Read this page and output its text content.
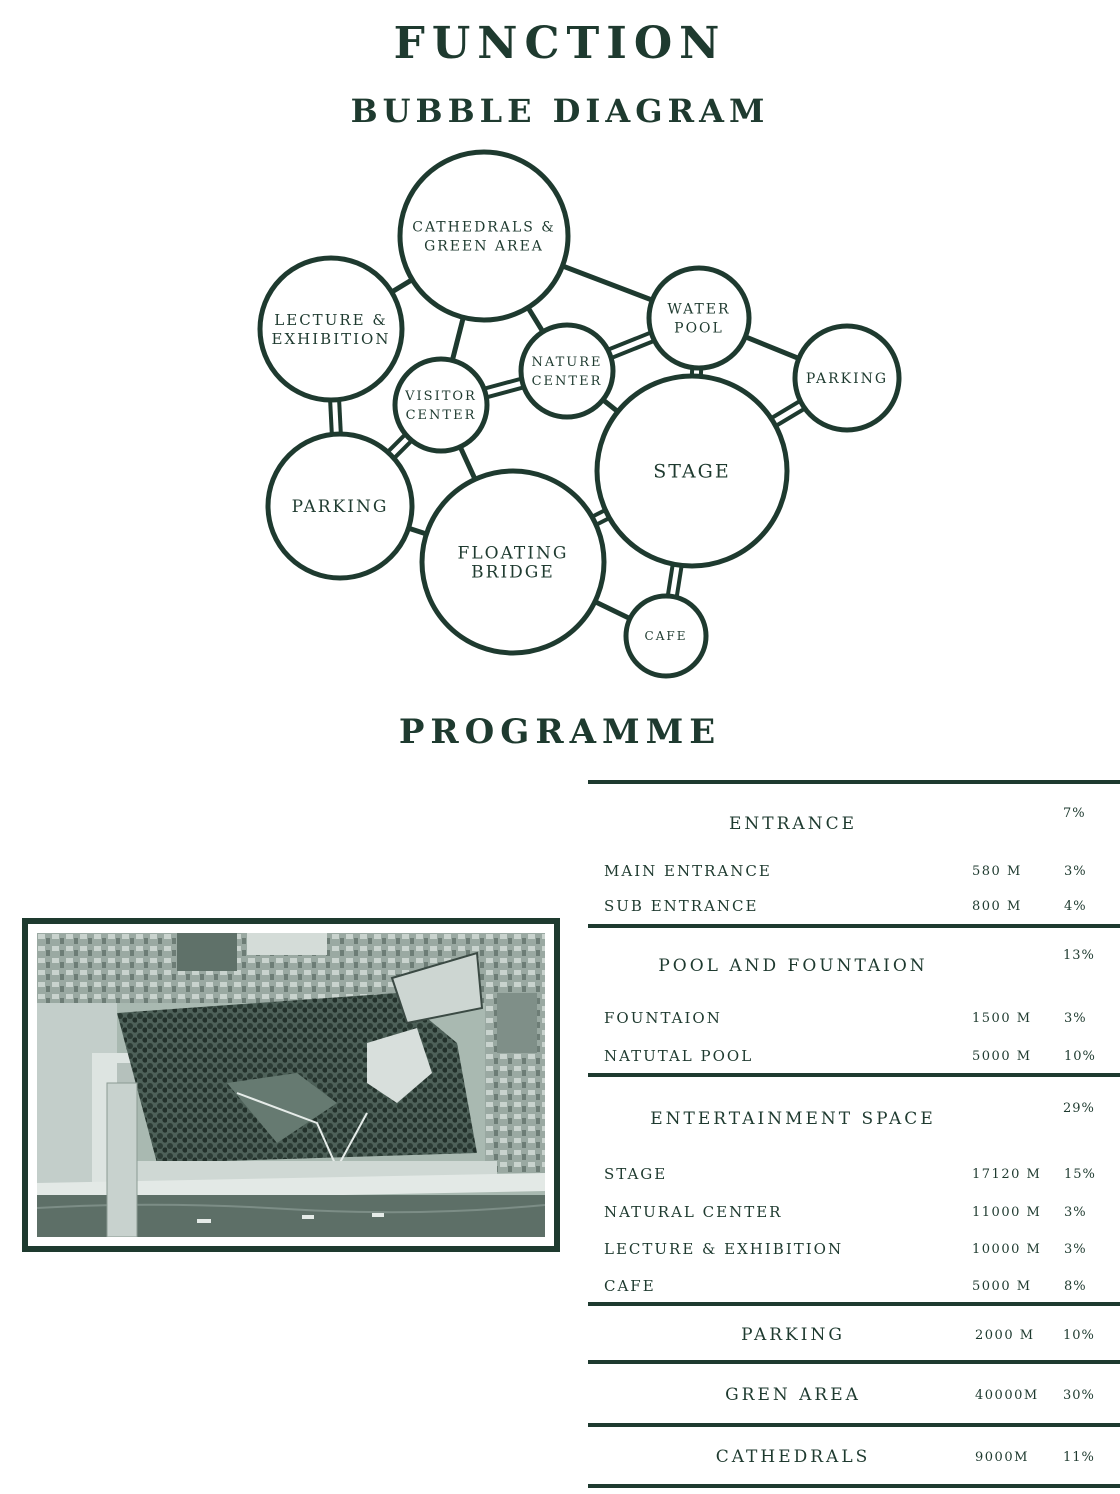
FUNCTION
BUBBLE DIAGRAM
CATHEDRALS &
GREEN AREA
LECTURE &
EXHIBITION
WATER
POOL
PARKING
NATURE
CENTER
VISITOR
CENTER
STAGE
PARKING
FLOATING
BRIDGE
CAFE
PROGRAMME
ENTRANCE
7%
MAIN ENTRANCE	580 M	3%
SUB ENTRANCE	800 M	4%
POOL AND FOUNTAION
13%
FOUNTAION	1500 M 3%
NATUTAL POOL	5000 M 10%
ENTERTAINMENT SPACE
29%
STAGE	17120 M 15%
NATURAL CENTER	11000 M 3%
LECTURE & EXHIBITION	10000 M 3%
CAFE	5000 M 8%
PARKING	2000 M 10%
GREN AREA	40000M 30%
CATHEDRALS	9000M	11%
